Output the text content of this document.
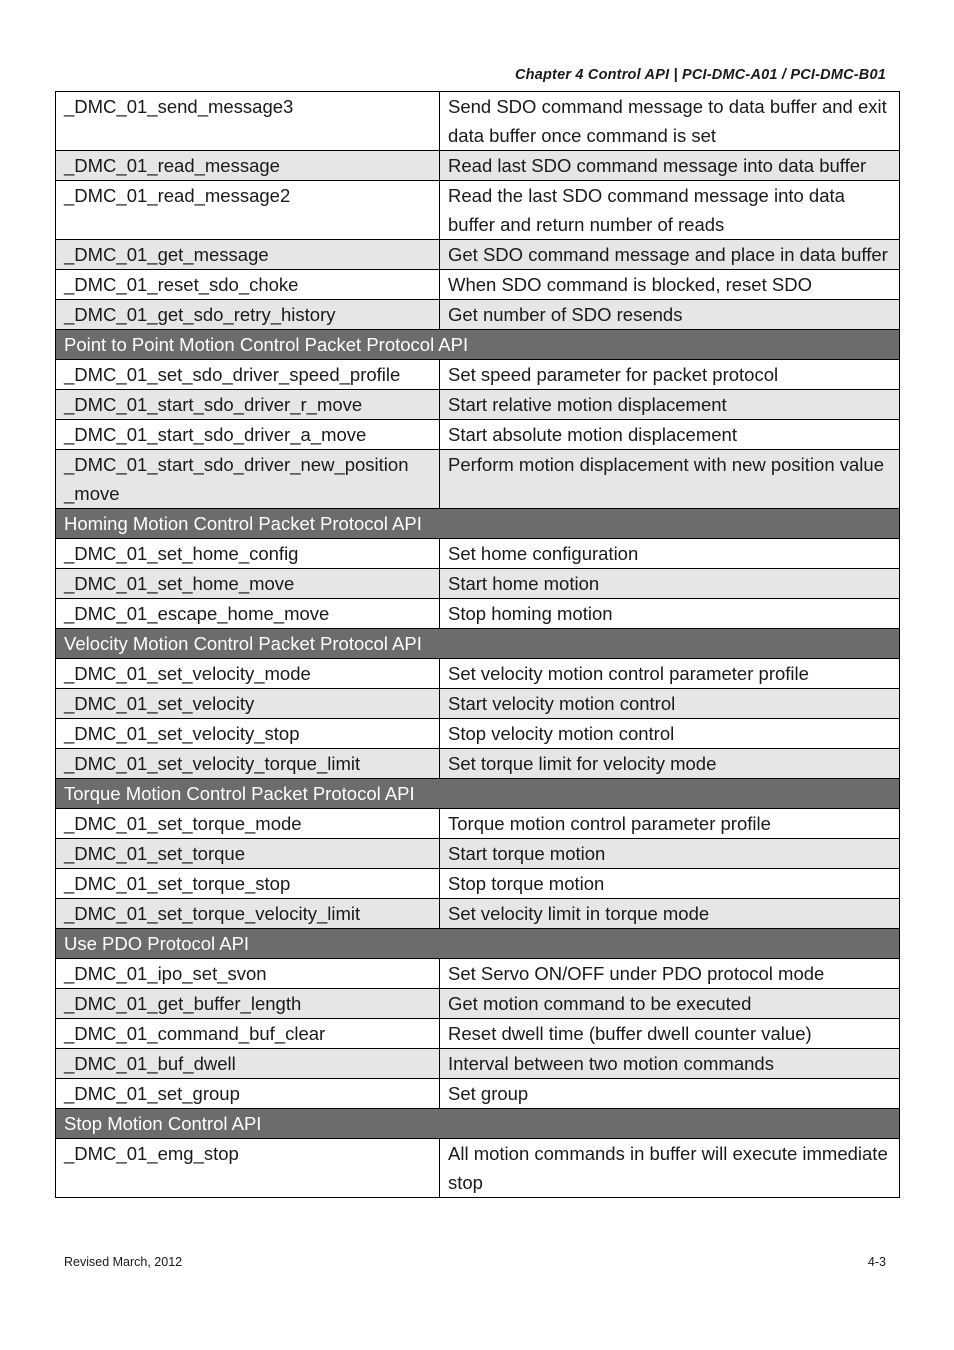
Chapter 4 Control API | PCI-DMC-A01 / PCI-DMC-B01
_DMC_01_send_message3	Send SDO command message to data buffer and exit data buffer once command is set
_DMC_01_read_message	Read last SDO command message into data buffer
_DMC_01_read_message2	Read the last SDO command message into data buffer and return number of reads
_DMC_01_get_message	Get SDO command message and place in data buffer
_DMC_01_reset_sdo_choke	When SDO command is blocked, reset SDO
_DMC_01_get_sdo_retry_history	Get number of SDO resends
Point to Point Motion Control Packet Protocol API	
_DMC_01_set_sdo_driver_speed_profile	Set speed parameter for packet protocol
_DMC_01_start_sdo_driver_r_move	Start relative motion displacement
_DMC_01_start_sdo_driver_a_move	Start absolute motion displacement
_DMC_01_start_sdo_driver_new_position _move	Perform motion displacement with new position value
Homing Motion Control Packet Protocol API	
_DMC_01_set_home_config	Set home configuration
_DMC_01_set_home_move	Start home motion
_DMC_01_escape_home_move	Stop homing motion
Velocity Motion Control Packet Protocol API	
_DMC_01_set_velocity_mode	Set velocity motion control parameter profile
_DMC_01_set_velocity	Start velocity motion control
_DMC_01_set_velocity_stop	Stop velocity motion control
_DMC_01_set_velocity_torque_limit	Set torque limit for velocity mode
Torque Motion Control Packet Protocol API	
_DMC_01_set_torque_mode	Torque motion control parameter profile
_DMC_01_set_torque	Start torque motion
_DMC_01_set_torque_stop	Stop torque motion
_DMC_01_set_torque_velocity_limit	Set velocity limit in torque mode
Use PDO Protocol API	
_DMC_01_ipo_set_svon	Set Servo ON/OFF under PDO protocol mode
_DMC_01_get_buffer_length	Get motion command to be executed
_DMC_01_command_buf_clear	Reset dwell time (buffer dwell counter value)
_DMC_01_buf_dwell	Interval between two motion commands
_DMC_01_set_group	Set group
Stop Motion Control API	
_DMC_01_emg_stop	All motion commands in buffer will execute immediate stop
Revised March, 2012	4-3
